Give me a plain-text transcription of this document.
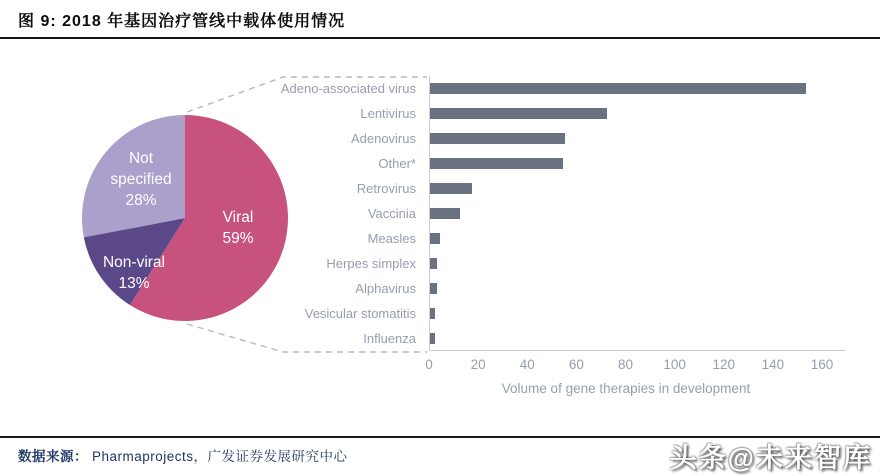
图 9: 2018 年基因治疗管线中载体使用情况
Not specified
28%
Viral
59%
Non-viral
13%
Adeno-associated virus
Lentivirus
Adenovirus
Other*
Retrovirus
Vaccinia
Measles
Herpes simplex
Alphavirus
Vesicular stomatitis
Influenza
0	20	40	60	80	100	120	140	160
Volume of gene therapies in development
数据来源： Pharmaprojects，广发证券发展研究中心	头条@未来智库
